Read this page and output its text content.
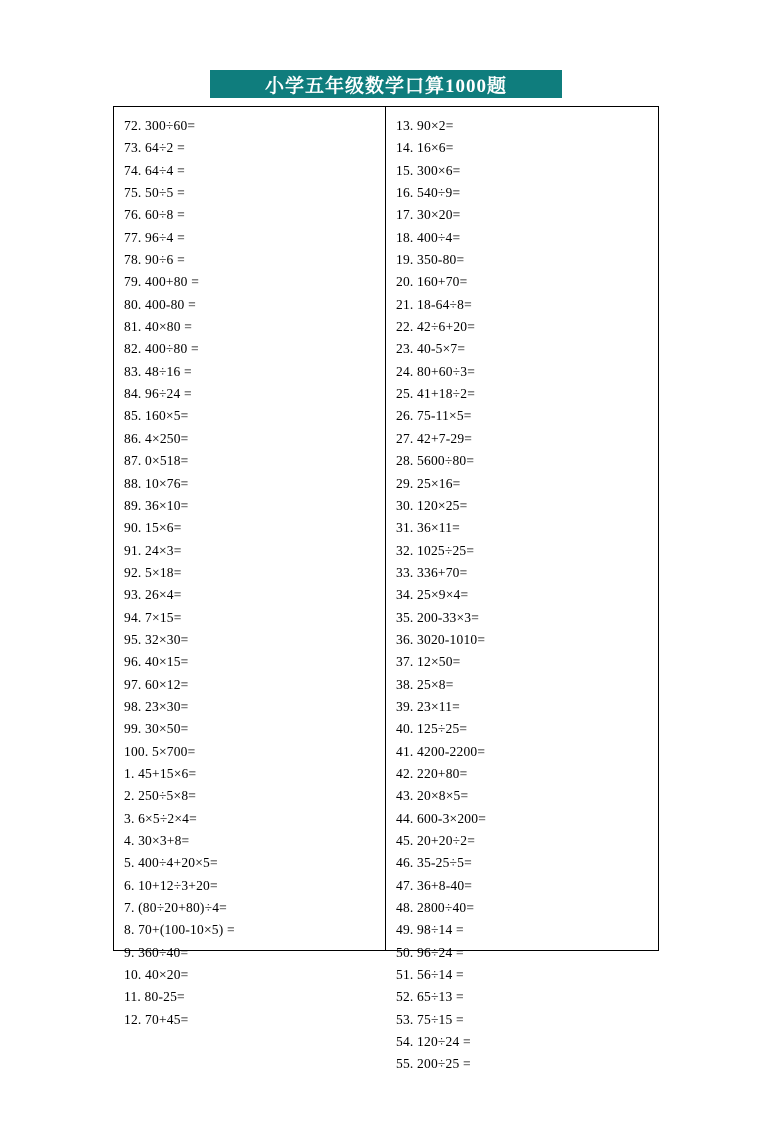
小学五年级数学口算1000题
72. 300÷60=
73. 64÷2 =
74. 64÷4 =
75. 50÷5 =
76. 60÷8 =
77. 96÷4 =
78. 90÷6 =
79. 400+80 =
80. 400-80 =
81. 40×80 =
82. 400÷80 =
83. 48÷16 =
84. 96÷24 =
85. 160×5=
86. 4×250=
87. 0×518=
88. 10×76=
89. 36×10=
90. 15×6=
91. 24×3=
92. 5×18=
93. 26×4=
94. 7×15=
95. 32×30=
96. 40×15=
97. 60×12=
98. 23×30=
99. 30×50=
100. 5×700=
1. 45+15×6=
2. 250÷5×8=
3. 6×5÷2×4=
4. 30×3+8=
5. 400÷4+20×5=
6. 10+12÷3+20=
7. (80÷20+80)÷4=
8. 70+(100-10×5) =
9. 360÷40=
10. 40×20=
11. 80-25=
12. 70+45=
13. 90×2=
14. 16×6=
15. 300×6=
16. 540÷9=
17. 30×20=
18. 400÷4=
19. 350-80=
20. 160+70=
21. 18-64÷8=
22. 42÷6+20=
23. 40-5×7=
24. 80+60÷3=
25. 41+18÷2=
26. 75-11×5=
27. 42+7-29=
28. 5600÷80=
29. 25×16=
30. 120×25=
31. 36×11=
32. 1025÷25=
33. 336+70=
34. 25×9×4=
35. 200-33×3=
36. 3020-1010=
37. 12×50=
38. 25×8=
39. 23×11=
40. 125÷25=
41. 4200-2200=
42. 220+80=
43. 20×8×5=
44. 600-3×200=
45. 20+20÷2=
46. 35-25÷5=
47. 36+8-40=
48. 2800÷40=
49. 98÷14 =
50. 96÷24 =
51. 56÷14 =
52. 65÷13 =
53. 75÷15 =
54. 120÷24 =
55. 200÷25 =
